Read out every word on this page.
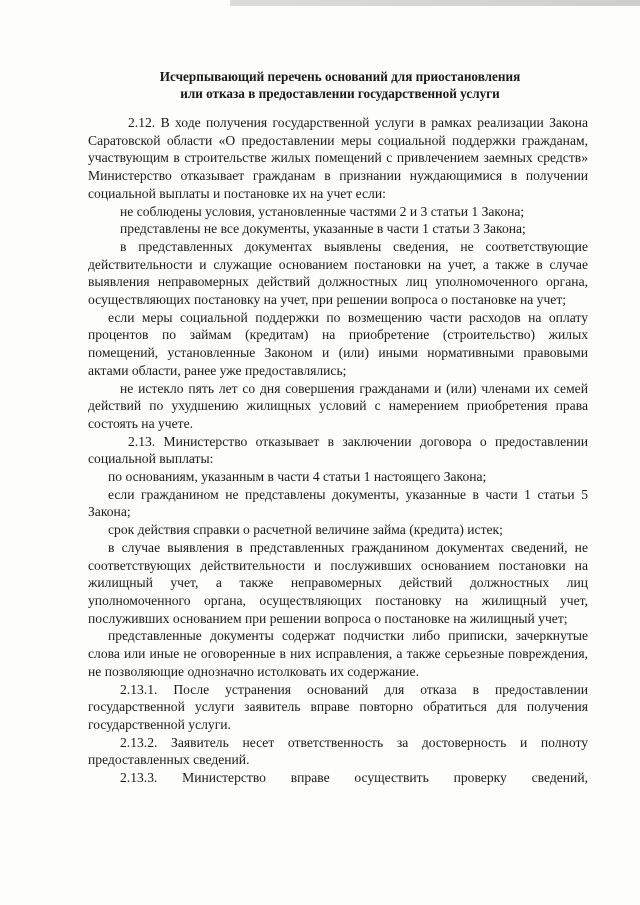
Исчерпывающий перечень оснований для приостановления
или отказа в предоставлении государственной услуги

2.12. В ходе получения государственной услуги в рамках реализации Закона Саратовской области «О предоставлении меры социальной поддержки гражданам, участвующим в строительстве жилых помещений с привлечением заемных средств» Министерство отказывает гражданам в признании нуждающимися в получении социальной выплаты и постановке их на учет если:

не соблюдены условия, установленные частями 2 и 3 статьи 1 Закона;

представлены не все документы, указанные в части 1 статьи 3 Закона;

в представленных документах выявлены сведения, не соответствующие действительности и служащие основанием постановки на учет, а также в случае выявления неправомерных действий должностных лиц уполномоченного органа, осуществляющих постановку на учет, при решении вопроса о постановке на учет;

если меры социальной поддержки по возмещению части расходов на оплату процентов по займам (кредитам) на приобретение (строительство) жилых помещений, установленные Законом и (или) иными нормативными правовыми актами области, ранее уже предоставлялись;

не истекло пять лет со дня совершения гражданами и (или) членами их семей действий по ухудшению жилищных условий с намерением приобретения права состоять на учете.

2.13. Министерство отказывает в заключении договора о предоставлении социальной выплаты:

по основаниям, указанным в части 4 статьи 1 настоящего Закона;

если гражданином не представлены документы, указанные в части 1 статьи 5 Закона;

срок действия справки о расчетной величине займа (кредита) истек;

в случае выявления в представленных гражданином документах сведений, не соответствующих действительности и послуживших основанием постановки на жилищный учет, а также неправомерных действий должностных лиц уполномоченного органа, осуществляющих постановку на жилищный учет, послуживших основанием при решении вопроса о постановке на жилищный учет;

представленные документы содержат подчистки либо приписки, зачеркнутые слова или иные не оговоренные в них исправления, а также серьезные повреждения, не позволяющие однозначно истолковать их содержание.

2.13.1. После устранения оснований для отказа в предоставлении государственной услуги заявитель вправе повторно обратиться для получения государственной услуги.

2.13.2. Заявитель несет ответственность за достоверность и полноту предоставленных сведений.

2.13.3. Министерство вправе осуществить проверку сведений,
